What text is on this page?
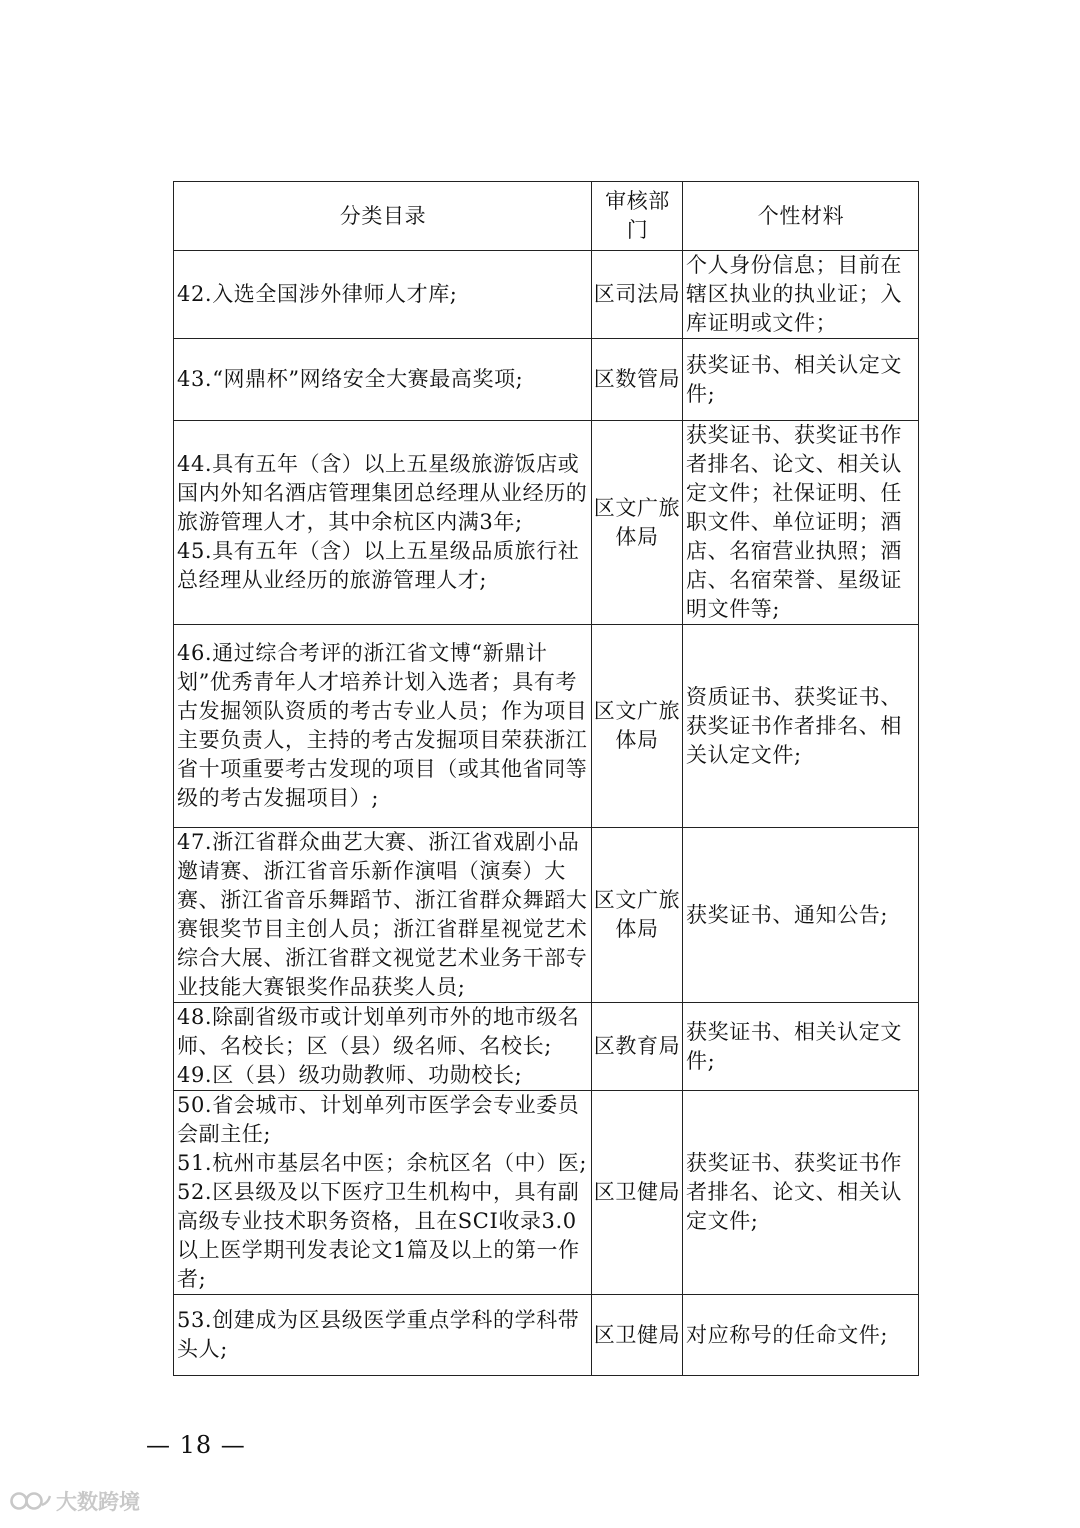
分类目录	审核部门	个性材料

42.入选全国涉外律师人才库;	区司法局	个人身份信息；目前在辖区执业的执业证；入库证明或文件；

43.“网鼎杯”网络安全大赛最高奖项;	区数管局	获奖证书、相关认定文件;

44.具有五年（含）以上五星级旅游饭店或国内外知名酒店管理集团总经理从业经历的旅游管理人才，其中余杭区内满3年;
45.具有五年（含）以上五星级品质旅行社总经理从业经历的旅游管理人才;	区文广旅体局	获奖证书、获奖证书作者排名、论文、相关认定文件；社保证明、任职文件、单位证明；酒店、名宿营业执照；酒店、名宿荣誉、星级证明文件等;

46.通过综合考评的浙江省文博“新鼎计划”优秀青年人才培养计划入选者；具有考古发掘领队资质的考古专业人员；作为项目主要负责人，主持的考古发掘项目荣获浙江省十项重要考古发现的项目（或其他省同等级的考古发掘项目）;	区文广旅体局	资质证书、获奖证书、获奖证书作者排名、相关认定文件;

47.浙江省群众曲艺大赛、浙江省戏剧小品邀请赛、浙江省音乐新作演唱（演奏）大赛、浙江省音乐舞蹈节、浙江省群众舞蹈大赛银奖节目主创人员；浙江省群星视觉艺术综合大展、浙江省群文视觉艺术业务干部专业技能大赛银奖作品获奖人员;	区文广旅体局	获奖证书、通知公告;

48.除副省级市或计划单列市外的地市级名师、名校长；区（县）级名师、名校长;
49.区（县）级功勋教师、功勋校长;	区教育局	获奖证书、相关认定文件;

50.省会城市、计划单列市医学会专业委员会副主任;
51.杭州市基层名中医；余杭区名（中）医;
52.区县级及以下医疗卫生机构中，具有副高级专业技术职务资格，且在SCI收录3.0以上医学期刊发表论文1篇及以上的第一作者;	区卫健局	获奖证书、获奖证书作者排名、论文、相关认定文件;

53.创建成为区县级医学重点学科的学科带头人;	区卫健局	对应称号的任命文件;
— 18 —
大数跨境
